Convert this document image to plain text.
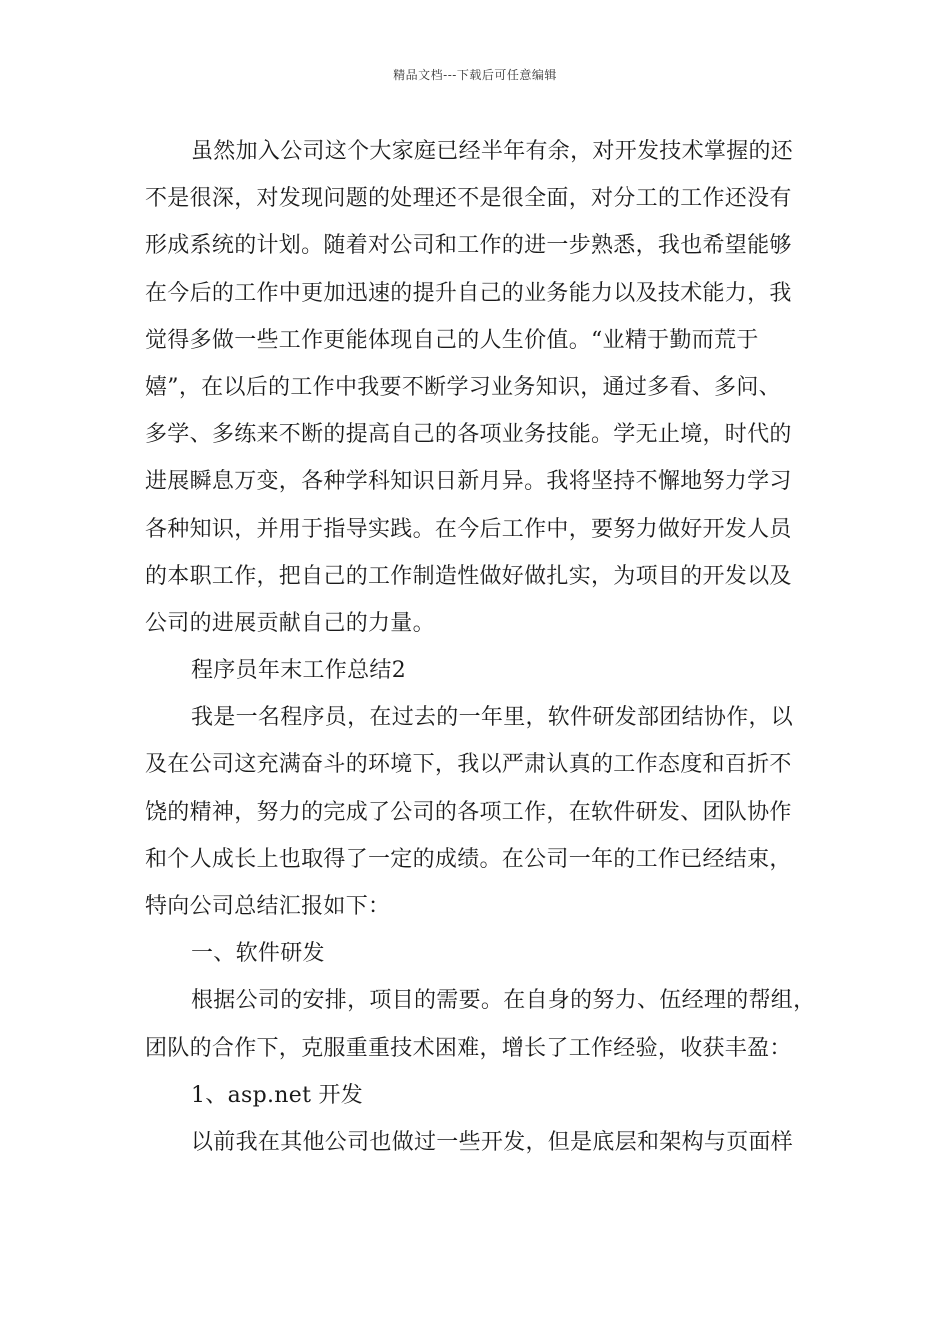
精品文档---下载后可任意编辑
虽然加入公司这个大家庭已经半年有余，对开发技术掌握的还
不是很深，对发现问题的处理还不是很全面，对分工的工作还没有
形成系统的计划。随着对公司和工作的进一步熟悉，我也希望能够
在今后的工作中更加迅速的提升自己的业务能力以及技术能力，我
觉得多做一些工作更能体现自己的人生价值。“业精于勤而荒于
嬉”，在以后的工作中我要不断学习业务知识，通过多看、多问、
多学、多练来不断的提高自己的各项业务技能。学无止境，时代的
进展瞬息万变，各种学科知识日新月异。我将坚持不懈地努力学习
各种知识，并用于指导实践。在今后工作中，要努力做好开发人员
的本职工作，把自己的工作制造性做好做扎实，为项目的开发以及
公司的进展贡献自己的力量。
程序员年末工作总结2
我是一名程序员，在过去的一年里，软件研发部团结协作，以
及在公司这充满奋斗的环境下，我以严肃认真的工作态度和百折不
饶的精神，努力的完成了公司的各项工作，在软件研发、团队协作
和个人成长上也取得了一定的成绩。在公司一年的工作已经结束，
特向公司总结汇报如下：
一、软件研发
根据公司的安排，项目的需要。在自身的努力、伍经理的帮组，
团队的合作下，克服重重技术困难，增长了工作经验，收获丰盈：
1、asp.net 开发
以前我在其他公司也做过一些开发，但是底层和架构与页面样
